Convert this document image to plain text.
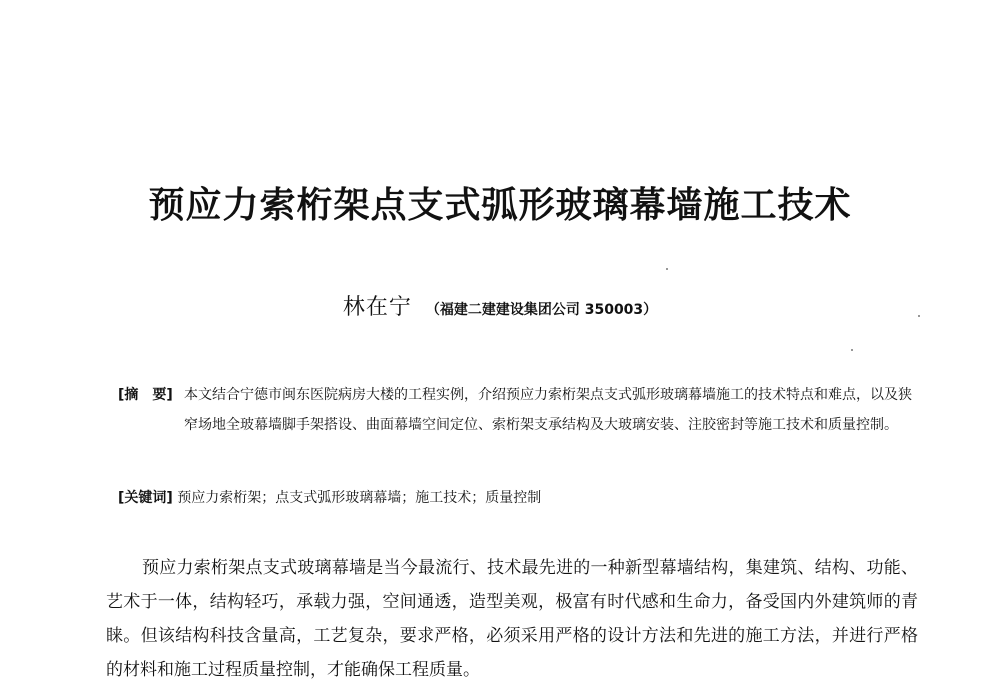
预应力索桁架点支式弧形玻璃幕墙施工技术
林在宁 （福建二建建设集团公司 350003）
[摘　要] 本文结合宁德市闽东医院病房大楼的工程实例，介绍预应力索桁架点支式弧形玻璃幕墙施工的技术特点和难点，以及狭窄场地全玻幕墙脚手架搭设、曲面幕墙空间定位、索桁架支承结构及大玻璃安装、注胶密封等施工技术和质量控制。
[关键词] 预应力索桁架；点支式弧形玻璃幕墙；施工技术；质量控制

预应力索桁架点支式玻璃幕墙是当今最流行、技术最先进的一种新型幕墙结构，集建筑、结构、功能、艺术于一体，结构轻巧，承载力强，空间通透，造型美观，极富有时代感和生命力，备受国内外建筑师的青睐。但该结构科技含量高，工艺复杂，要求严格，必须采用严格的设计方法和先进的施工方法，并进行严格的材料和施工过程质量控制，才能确保工程质量。
